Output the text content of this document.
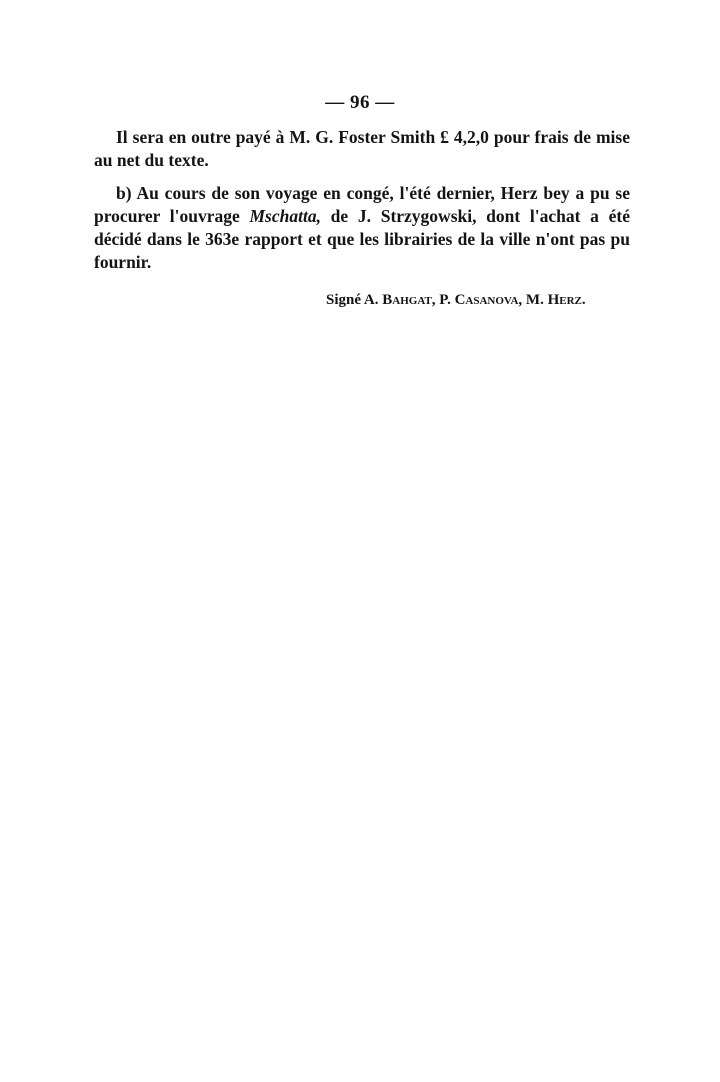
— 96 —

Il sera en outre payé à M. G. Foster Smith £ 4,2,0 pour frais de mise au net du texte.

b) Au cours de son voyage en congé, l'été dernier, Herz bey a pu se procurer l'ouvrage Mschatta, de J. Strzygowski, dont l'achat a été décidé dans le 363e rapport et que les librairies de la ville n'ont pas pu fournir.

Signé A. Bahgat, P. Casanova, M. Herz.
